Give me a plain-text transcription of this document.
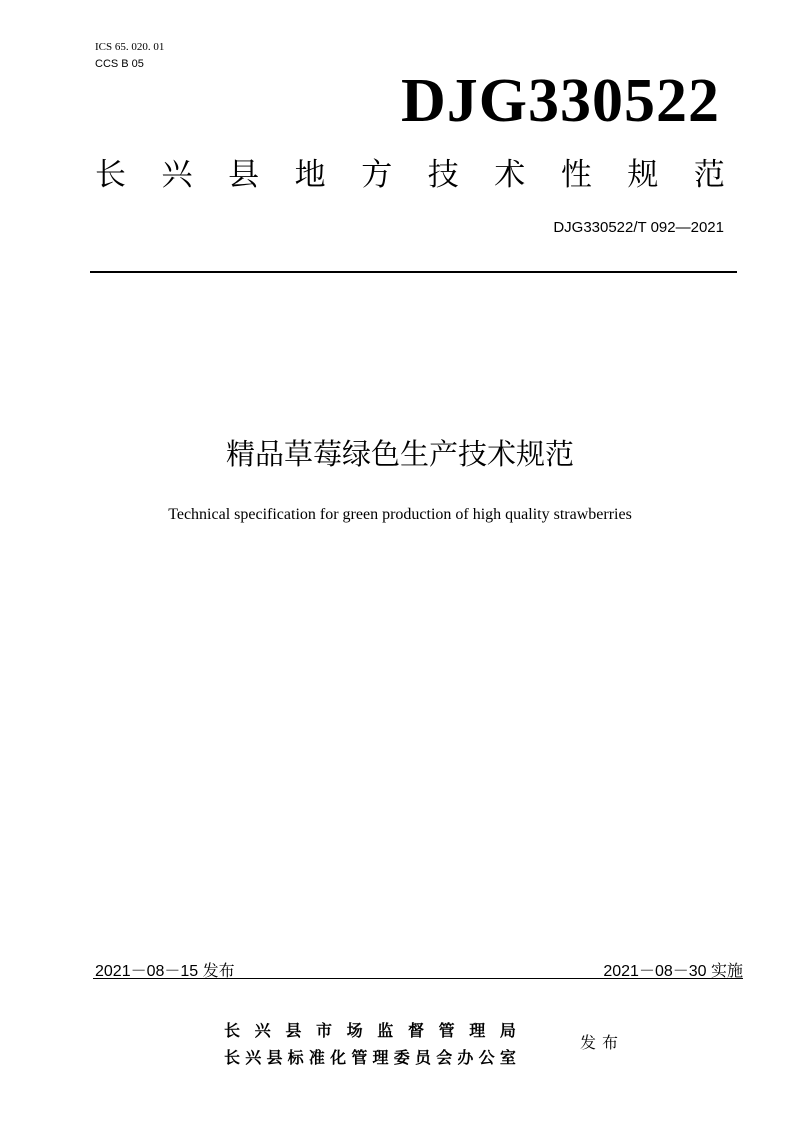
ICS 65. 020. 01
CCS B 05
DJG330522
长 兴 县 地 方 技 术 性 规 范
DJG330522/T 092—2021
精品草莓绿色生产技术规范
Technical specification for green production of high quality strawberries
2021－08－15 发布	2021－08－30 实施
长 兴 县 市 场 监 督 管 理 局
长 兴 县 标 准 化 管 理 委 员 会 办 公 室
发布
